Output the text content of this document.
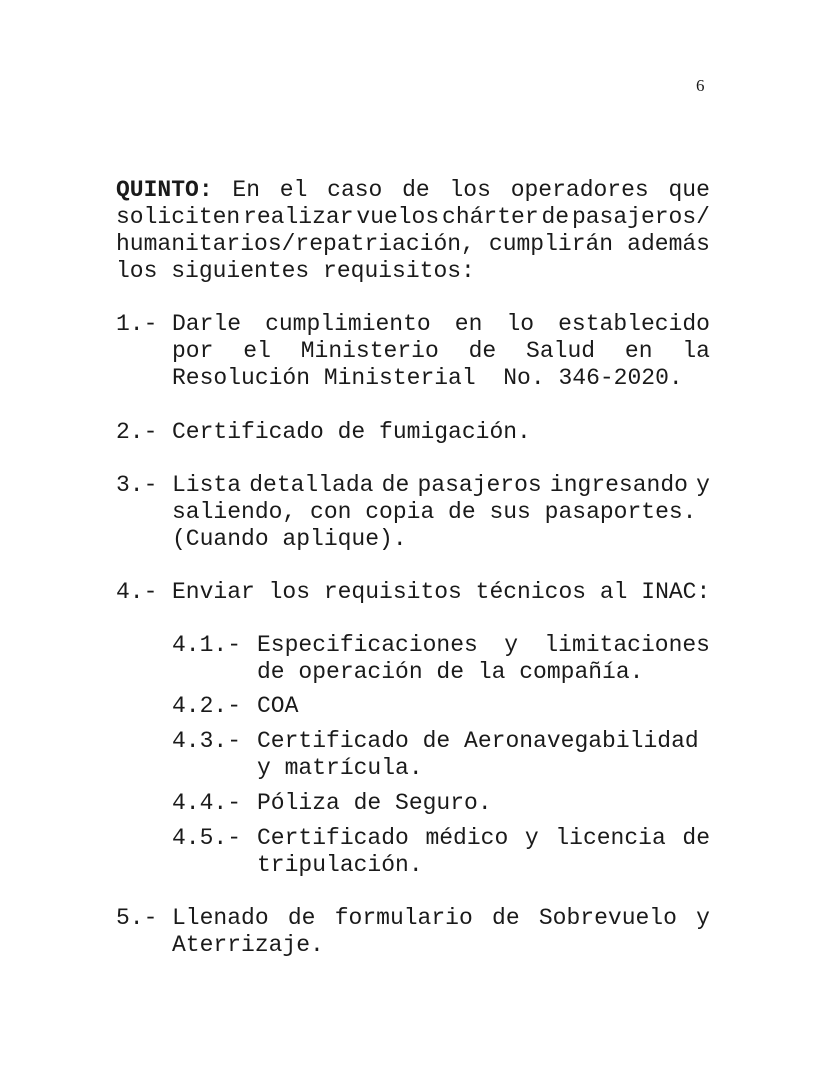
6
QUINTO: En el caso de los operadores que
soliciten realizar vuelos chárter de pasajeros/
humanitarios/repatriación, cumplirán además
los siguientes requisitos:
Darle cumplimiento en lo establecido
por el Ministerio de Salud en la
Resolución Ministerial  No. 346-2020.
1.-
Certificado de fumigación.
2.-
Lista detallada de pasajeros ingresando y
saliendo, con copia de sus pasaportes.
(Cuando aplique).
3.-
Enviar los requisitos técnicos al INAC:
4.-
Llenado de formulario de Sobrevuelo y
Aterrizaje.
5.-
Especificaciones y limitaciones
de operación de la compañía.
4.1.-
COA
4.2.-
Certificado de Aeronavegabilidad
y matrícula.
4.3.-
Póliza de Seguro.
4.4.-
Certificado médico y licencia de
tripulación.
4.5.-
